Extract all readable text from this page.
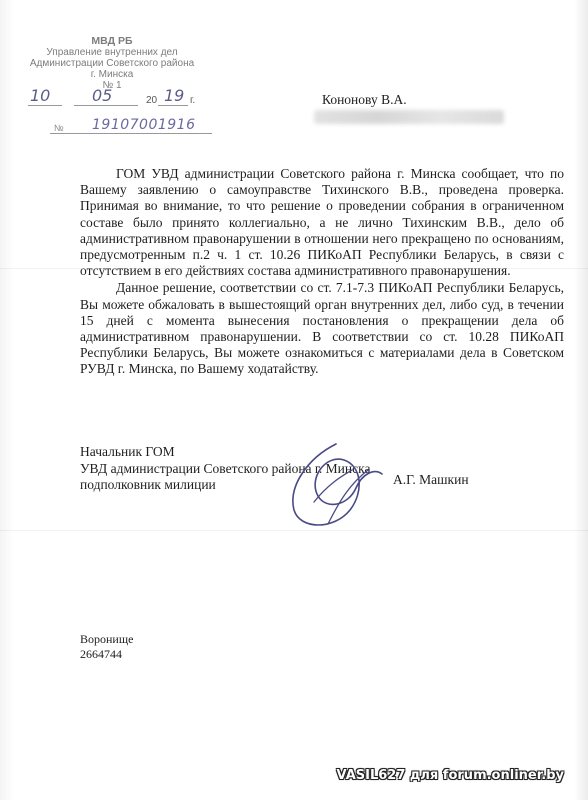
МВД РБ
Управление внутренних дел
Администрации Советского района
г. Минска
№ 1
10	05	20 19 г.
№ 19107001916
Кононову В.А.

ГОМ УВД администрации Советского района г. Минска сообщает, что по Вашему заявлению о самоуправстве Тихинского В.В., проведена проверка. Принимая во внимание, то что решение о проведении собрания в ограниченном составе было принято коллегиально, а не лично Тихинским В.В., дело об административном правонарушении в отношении него прекращено по основаниям, предусмотренным п.2 ч. 1 ст. 10.26 ПИКоАП Республики Беларусь, в связи с отсутствием в его действиях состава административного правонарушения.

Данное решение, соответствии со ст. 7.1-7.3 ПИКоАП Республики Беларусь, Вы можете обжаловать в вышестоящий орган внутренних дел, либо суд, в течении 15 дней с момента вынесения постановления о прекращении дела об административном правонарушении. В соответствии со ст. 10.28 ПИКоАП Республики Беларусь, Вы можете ознакомиться с материалами дела в Советском РУВД г. Минска, по Вашему ходатайству.

Начальник ГОМ
УВД администрации Советского района г. Минска
подполковник милиции	А.Г. Машкин
Воронище
2664744
VASIL627 для forum.onliner.by
